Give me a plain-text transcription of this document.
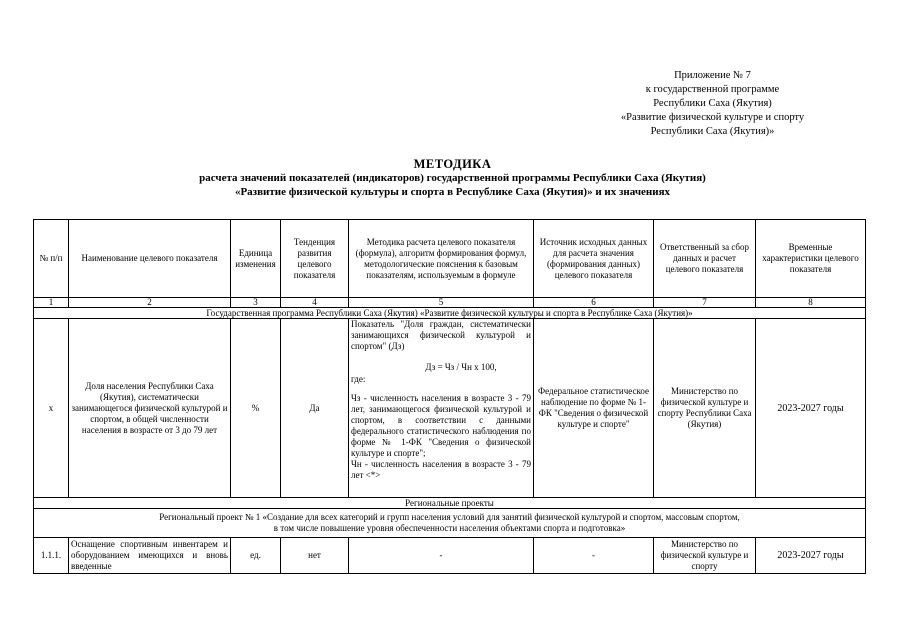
Приложение № 7
к государственной программе
Республики Саха (Якутия)
«Развитие физической культуре и спорту
Республики Саха (Якутия)»
МЕТОДИКА
расчета значений показателей (индикаторов) государственной программы Республики Саха (Якутия)
«Развитие физической культуры и спорта в Республике Саха (Якутия)» и их значениях
№ п/п	Наименование целевого показателя	Единица изменения	Тенденция развития целевого показателя	Методика расчета целевого показателя (формула), алгоритм формирования формул, методологические пояснения к базовым показателям, используемым в формуле	Источник исходных данных для расчета значения (формирования данных) целевого показателя	Ответственный за сбор данных и расчет целевого показателя	Временные характеристики целевого показателя
1	2	3	4	5	6	7	8
Государственная программа Республики Саха (Якутия) «Развитие физической культуры и спорта в Республике Саха (Якутия)»							
х	Доля населения Республики Саха (Якутия), систематически занимающегося физической культурой и спортом, в общей численности населения в возрасте от 3 до 79 лет	%	Да	Показатель "Доля граждан, систематически занимающихся физической культурой и спортом" (Дз)

Дз = Чз / Чн х 100,

где:

Чз - численность населения в возрасте 3 - 79 лет, занимающегося физической культурой и спортом, в соответствии с данными федерального статистического наблюдения по форме № 1-ФК "Сведения о физической культуре и спорте";

Чн - численность населения в возрасте 3 - 79 лет <*>	Федеральное статистическое наблюдение по форме № 1-ФК "Сведения о физической культуре и спорте"	Министерство по физической культуре и спорту Республики Саха (Якутия)	2023-2027 годы
Региональные проекты							

Региональный проект № 1 «Создание для всех категорий и групп населения условий для занятий физической культурой и спортом, массовым спортом,
в том числе повышение уровня обеспеченности населения объектами спорта и подготовка»							

1.1.1.	Оснащение спортивным инвентарем и оборудованием имеющихся и вновь введенные	ед.	нет	-	-	Министерство по физической культуре и спорту	2023-2027 годы
